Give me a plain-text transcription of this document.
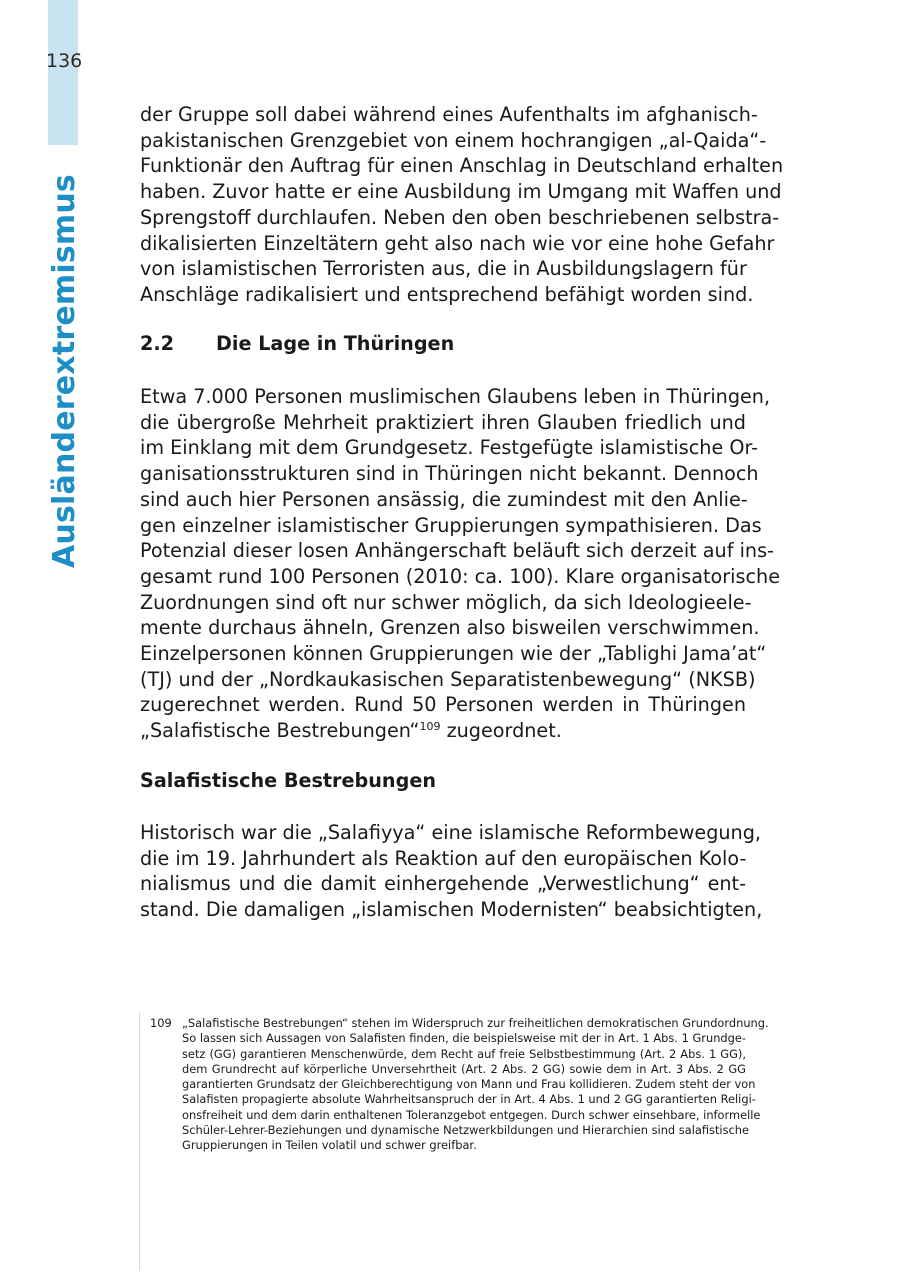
136
Ausländerextremismus
der Gruppe soll dabei während eines Aufenthalts im afghanisch-
pakistanischen Grenzgebiet von einem hochrangigen „al-Qaida“-
Funktionär den Auftrag für einen Anschlag in Deutschland erhalten
haben. Zuvor hatte er eine Ausbildung im Umgang mit Waffen und
Sprengstoff durchlaufen. Neben den oben beschriebenen selbstra-
dikalisierten Einzeltätern geht also nach wie vor eine hohe Gefahr
von islamistischen Terroristen aus, die in Ausbildungslagern für
Anschläge radikalisiert und entsprechend befähigt worden sind.
2.2 Die Lage in Thüringen
Etwa 7.000 Personen muslimischen Glaubens leben in Thüringen,
die übergroße Mehrheit praktiziert ihren Glauben friedlich und
im Einklang mit dem Grundgesetz. Festgefügte islamistische Or-
ganisationsstrukturen sind in Thüringen nicht bekannt. Dennoch
sind auch hier Personen ansässig, die zumindest mit den Anlie-
gen einzelner islamistischer Gruppierungen sympathisieren. Das
Potenzial dieser losen Anhängerschaft beläuft sich derzeit auf ins-
gesamt rund 100 Personen (2010: ca. 100). Klare organisatorische
Zuordnungen sind oft nur schwer möglich, da sich Ideologieele-
mente durchaus ähneln, Grenzen also bisweilen verschwimmen.
Einzelpersonen können Gruppierungen wie der „Tablighi Jama’at“
(TJ) und der „Nordkaukasischen Separatistenbewegung“ (NKSB)
zugerechnet werden. Rund 50 Personen werden in Thüringen
„Salafistische Bestrebungen“$^{109}$ zugeordnet.
Salafistische Bestrebungen
Historisch war die „Salafiyya“ eine islamische Reformbewegung,
die im 19. Jahrhundert als Reaktion auf den europäischen Kolo-
nialismus und die damit einhergehende „Verwestlichung“ ent-
stand. Die damaligen „islamischen Modernisten“ beabsichtigten,
109 „Salafistische Bestrebungen“ stehen im Widerspruch zur freiheitlichen demokratischen Grundordnung.
So lassen sich Aussagen von Salafisten finden, die beispielsweise mit der in Art. 1 Abs. 1 Grundge-
setz (GG) garantieren Menschenwürde, dem Recht auf freie Selbstbestimmung (Art. 2 Abs. 1 GG),
dem Grundrecht auf körperliche Unversehrtheit (Art. 2 Abs. 2 GG) sowie dem in Art. 3 Abs. 2 GG
garantierten Grundsatz der Gleichberechtigung von Mann und Frau kollidieren. Zudem steht der von
Salafisten propagierte absolute Wahrheitsanspruch der in Art. 4 Abs. 1 und 2 GG garantierten Religi-
onsfreiheit und dem darin enthaltenen Toleranzgebot entgegen. Durch schwer einsehbare, informelle
Schüler-Lehrer-Beziehungen und dynamische Netzwerkbildungen und Hierarchien sind salafistische
Gruppierungen in Teilen volatil und schwer greifbar.
